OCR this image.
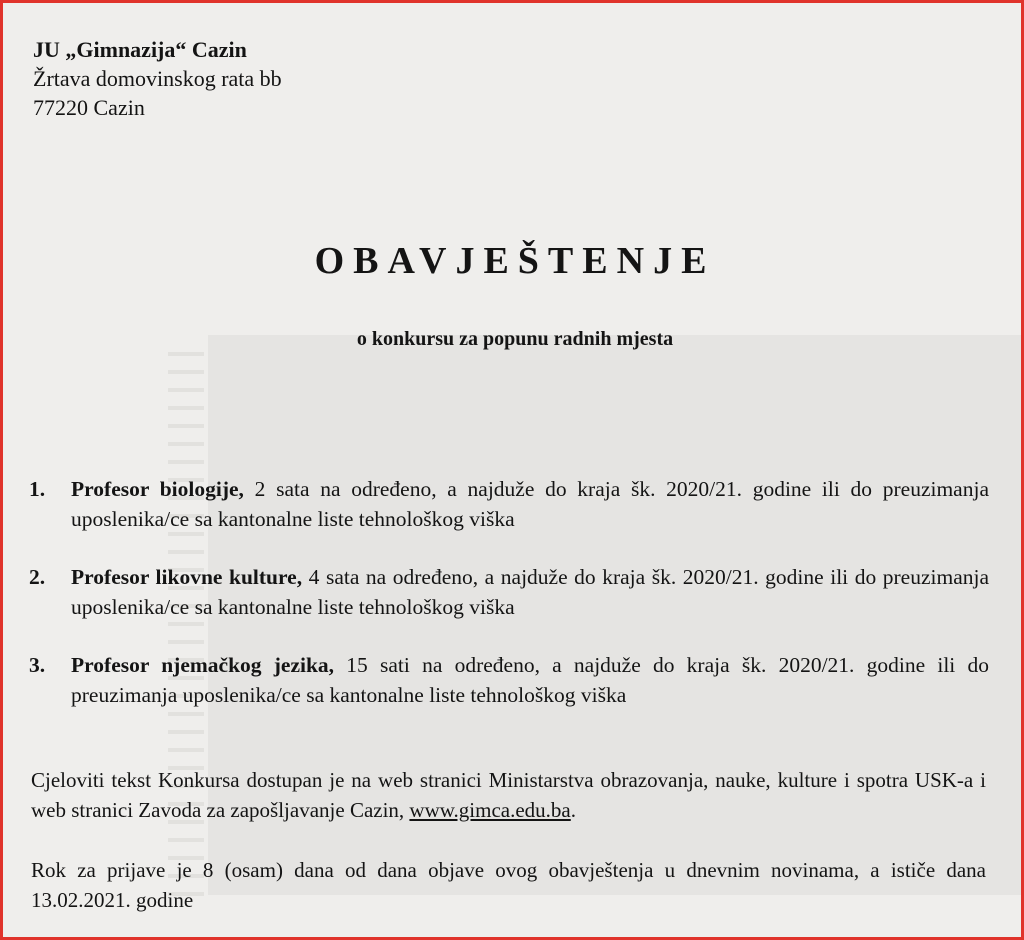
JU „Gimnazija“ Cazin
Žrtava domovinskog rata bb
77220 Cazin
OBAVJEŠTENJE
o konkursu za popunu radnih mjesta
1.	Profesor biologije, 2 sata na određeno, a najduže do kraja šk. 2020/21. godine ili do preuzimanja uposlenika/ce sa kantonalne liste tehnološkog viška
2.	Profesor likovne kulture, 4 sata na određeno, a najduže do kraja šk. 2020/21. godine ili do preuzimanja uposlenika/ce sa kantonalne liste tehnološkog viška
3.	Profesor njemačkog jezika, 15 sati na određeno, a najduže do kraja šk. 2020/21. godine ili do preuzimanja uposlenika/ce sa kantonalne liste tehnološkog viška
Cjeloviti tekst Konkursa dostupan je na web stranici Ministarstva obrazovanja, nauke, kulture i spotra USK-a i web stranici Zavoda za zapošljavanje Cazin, www.gimca.edu.ba.
Rok za prijave je 8 (osam) dana od dana objave ovog obavještenja u dnevnim novinama, a ističe dana 13.02.2021. godine
